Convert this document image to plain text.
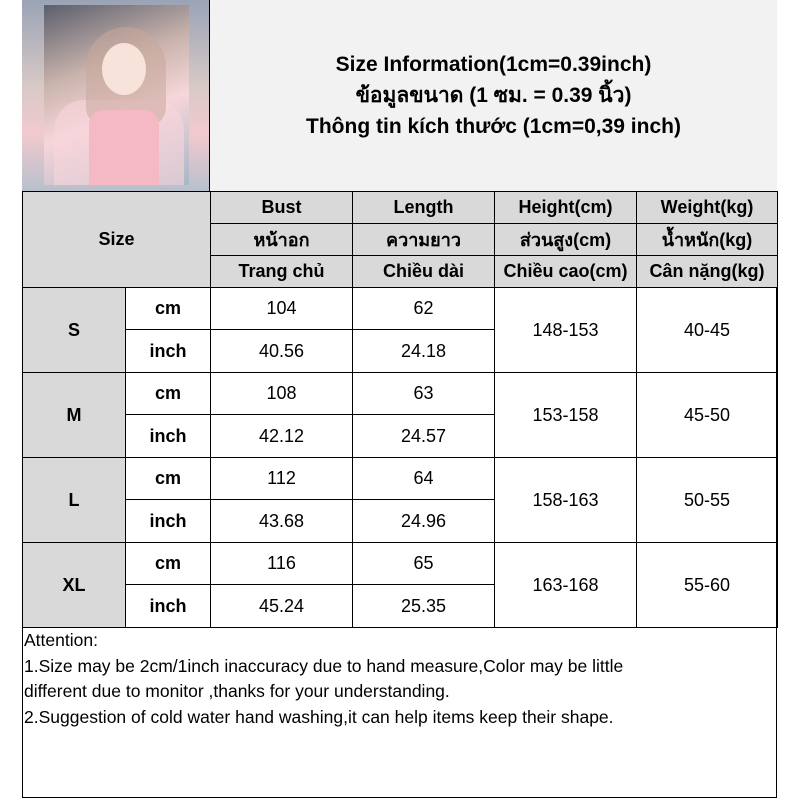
Size Information(1cm=0.39inch)
ข้อมูลขนาด (1 ซม. = 0.39 นิ้ว)
Thông tin kích thước (1cm=0,39 inch)
Size		Bust	Length	Height(cm)	Weight(kg)
		หน้าอก	ความยาว	ส่วนสูง(cm)	น้ำหนัก(kg)
		Trang chủ	Chiều dài	Chiều cao(cm)	Cân nặng(kg)
S	cm	104	62	148-153	40-45
	inch	40.56	24.18		
M	cm	108	63	153-158	45-50
	inch	42.12	24.57		
L	cm	112	64	158-163	50-55
	inch	43.68	24.96		
XL	cm	116	65	163-168	55-60
	inch	45.24	25.35		
Attention:
1.Size may be 2cm/1inch inaccuracy due to hand measure,Color may be little
different due to monitor ,thanks for your understanding.
2.Suggestion of cold water hand washing,it can help items keep their shape.
